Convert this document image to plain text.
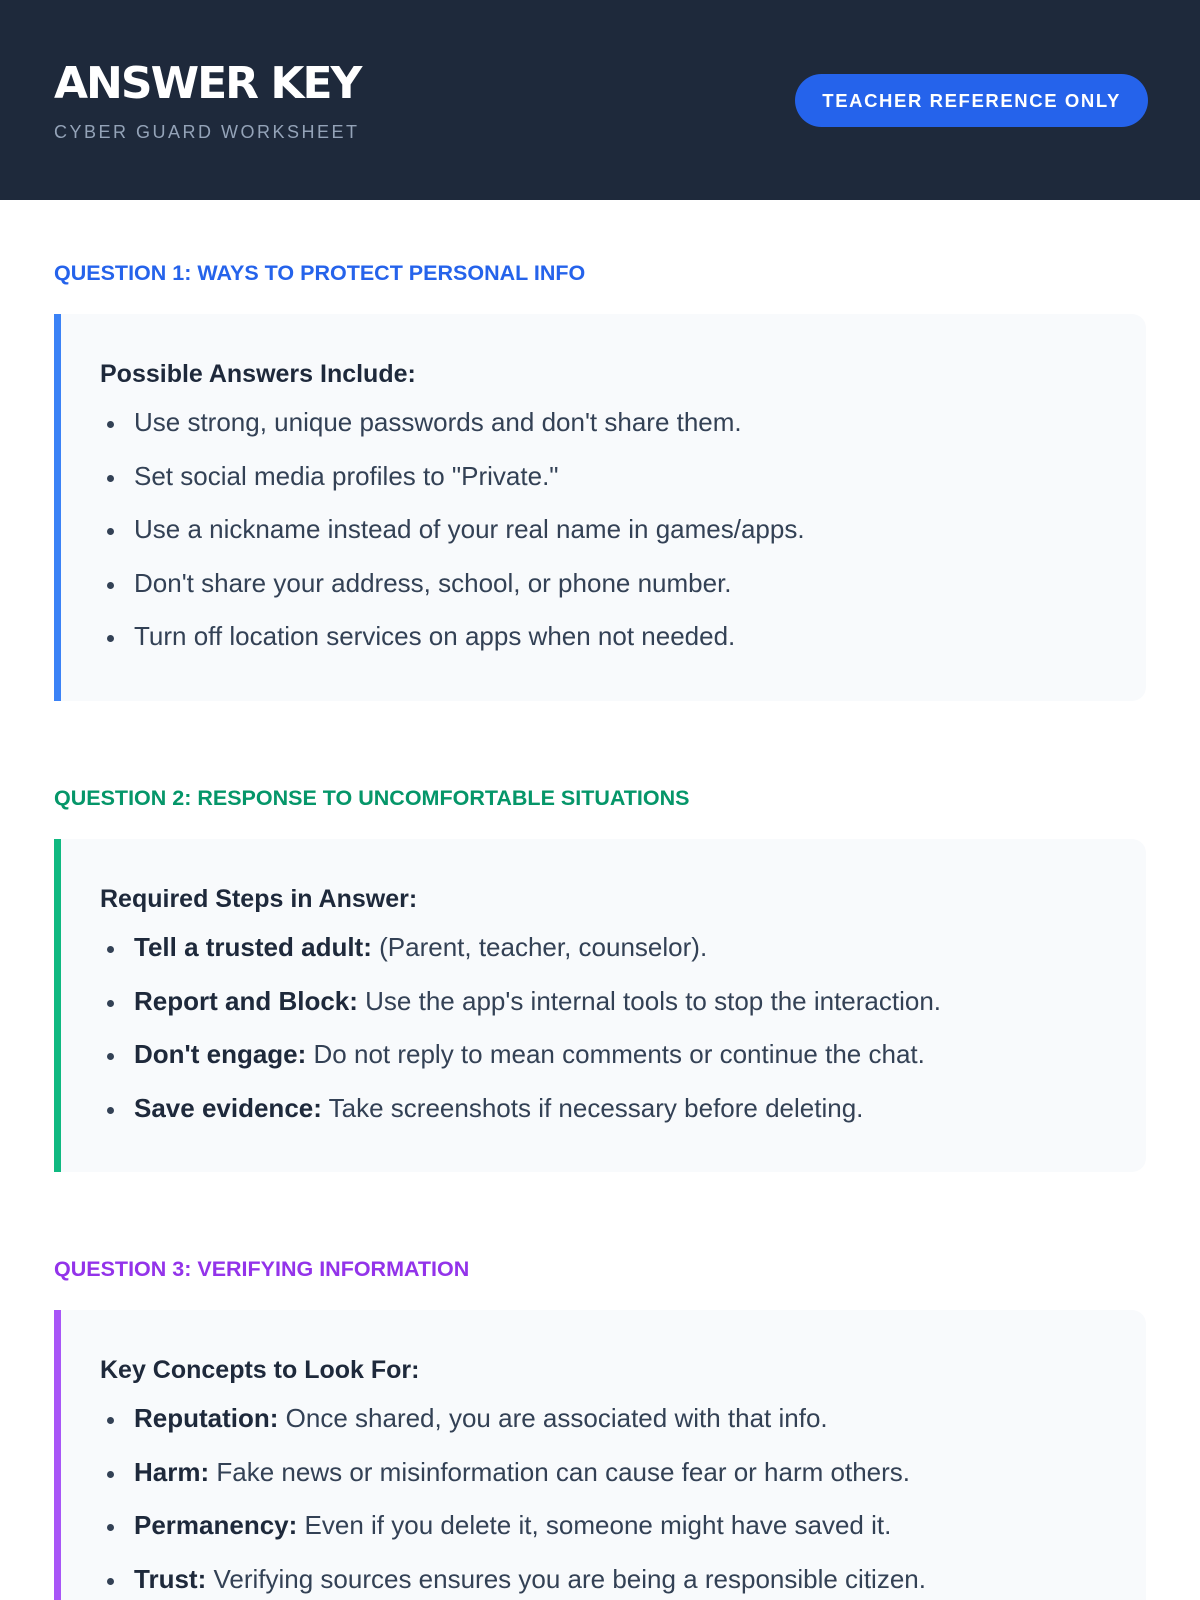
ANSWER KEY
CYBER GUARD WORKSHEET
TEACHER REFERENCE ONLY
QUESTION 1: WAYS TO PROTECT PERSONAL INFO
Possible Answers Include:
Use strong, unique passwords and don't share them.
Set social media profiles to "Private."
Use a nickname instead of your real name in games/apps.
Don't share your address, school, or phone number.
Turn off location services on apps when not needed.
QUESTION 2: RESPONSE TO UNCOMFORTABLE SITUATIONS
Required Steps in Answer:
Tell a trusted adult: (Parent, teacher, counselor).
Report and Block: Use the app's internal tools to stop the interaction.
Don't engage: Do not reply to mean comments or continue the chat.
Save evidence: Take screenshots if necessary before deleting.
QUESTION 3: VERIFYING INFORMATION
Key Concepts to Look For:
Reputation: Once shared, you are associated with that info.
Harm: Fake news or misinformation can cause fear or harm others.
Permanency: Even if you delete it, someone might have saved it.
Trust: Verifying sources ensures you are being a responsible citizen.
